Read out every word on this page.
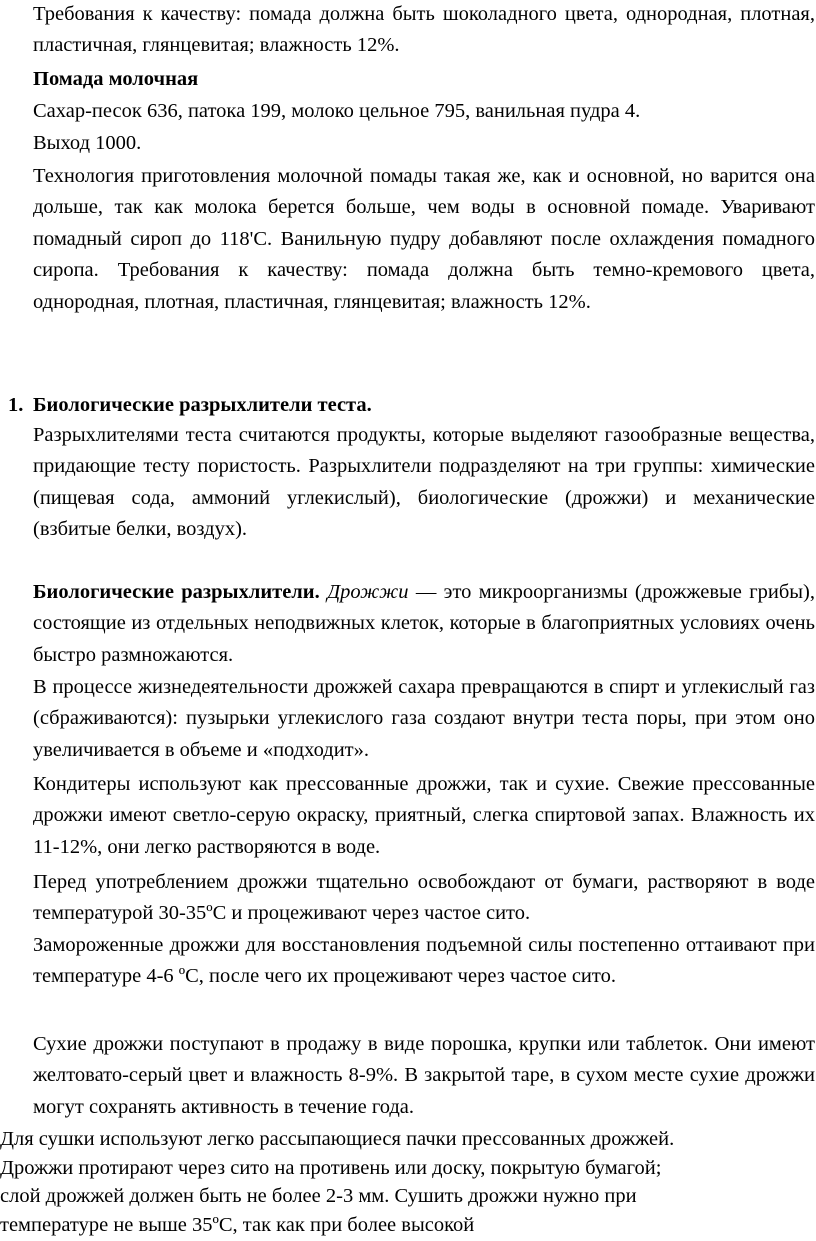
Требования к качеству: помада должна быть шоколадного цвета, однородная, плотная, пластичная, глянцевитая; влажность 12%.

Помада молочная

Сахар-песок 636, патока 199, молоко цельное 795, ванильная пудра 4.

Выход 1000.

Технология приготовления молочной помады такая же, как и основной, но варится она дольше, так как молока берется больше, чем воды в основной помаде. Уваривают помадный сироп до 118'С. Ванильную пудру добавляют после охлаждения помадного сиропа. Требования к качеству: помада должна быть темно-кремового цвета, однородная, плотная, пластичная, глянцевитая; влажность 12%.

1. Биологические разрыхлители теста.

Разрыхлителями теста считаются продукты, которые выделяют газообразные вещества, придающие тесту пористость. Разрыхлители подразделяют на три группы: химические (пищевая сода, аммоний углекислый), биологические (дрожжи) и механические (взбитые белки, воздух).

Биологические разрыхлители. Дрожжи — это микроорганизмы (дрожжевые грибы), состоящие из отдельных неподвижных клеток, которые в благоприятных условиях очень быстро размножаются.

В процессе жизнедеятельности дрожжей сахара превращаются в спирт и углекислый газ (сбраживаются): пузырьки углекислого газа создают внутри теста поры, при этом оно увеличивается в объеме и «подходит».

Кондитеры используют как прессованные дрожжи, так и сухие. Свежие прессованные дрожжи имеют светло-серую окраску, приятный, слегка спиртовой запах. Влажность их 11-12%, они легко растворяются в воде.

Перед употреблением дрожжи тщательно освобождают от бумаги, растворяют в воде температурой 30-35ºС и процеживают через частое сито.

Замороженные дрожжи для восстановления подъемной силы постепенно оттаивают при температуре 4-6 ºС, после чего их процеживают через частое сито.

Сухие дрожжи поступают в продажу в виде порошка, крупки или таблеток. Они имеют желтовато-серый цвет и влажность 8-9%. В закрытой таре, в сухом месте сухие дрожжи могут сохранять активность в течение года.

Для сушки используют легко рассыпающиеся пачки прессованных дрожжей.
Дрожжи протирают через сито на противень или доску, покрытую бумагой;
слой дрожжей должен быть не более 2-3 мм. Сушить дрожжи нужно при
температуре не выше 35ºС, так как при более высокой
